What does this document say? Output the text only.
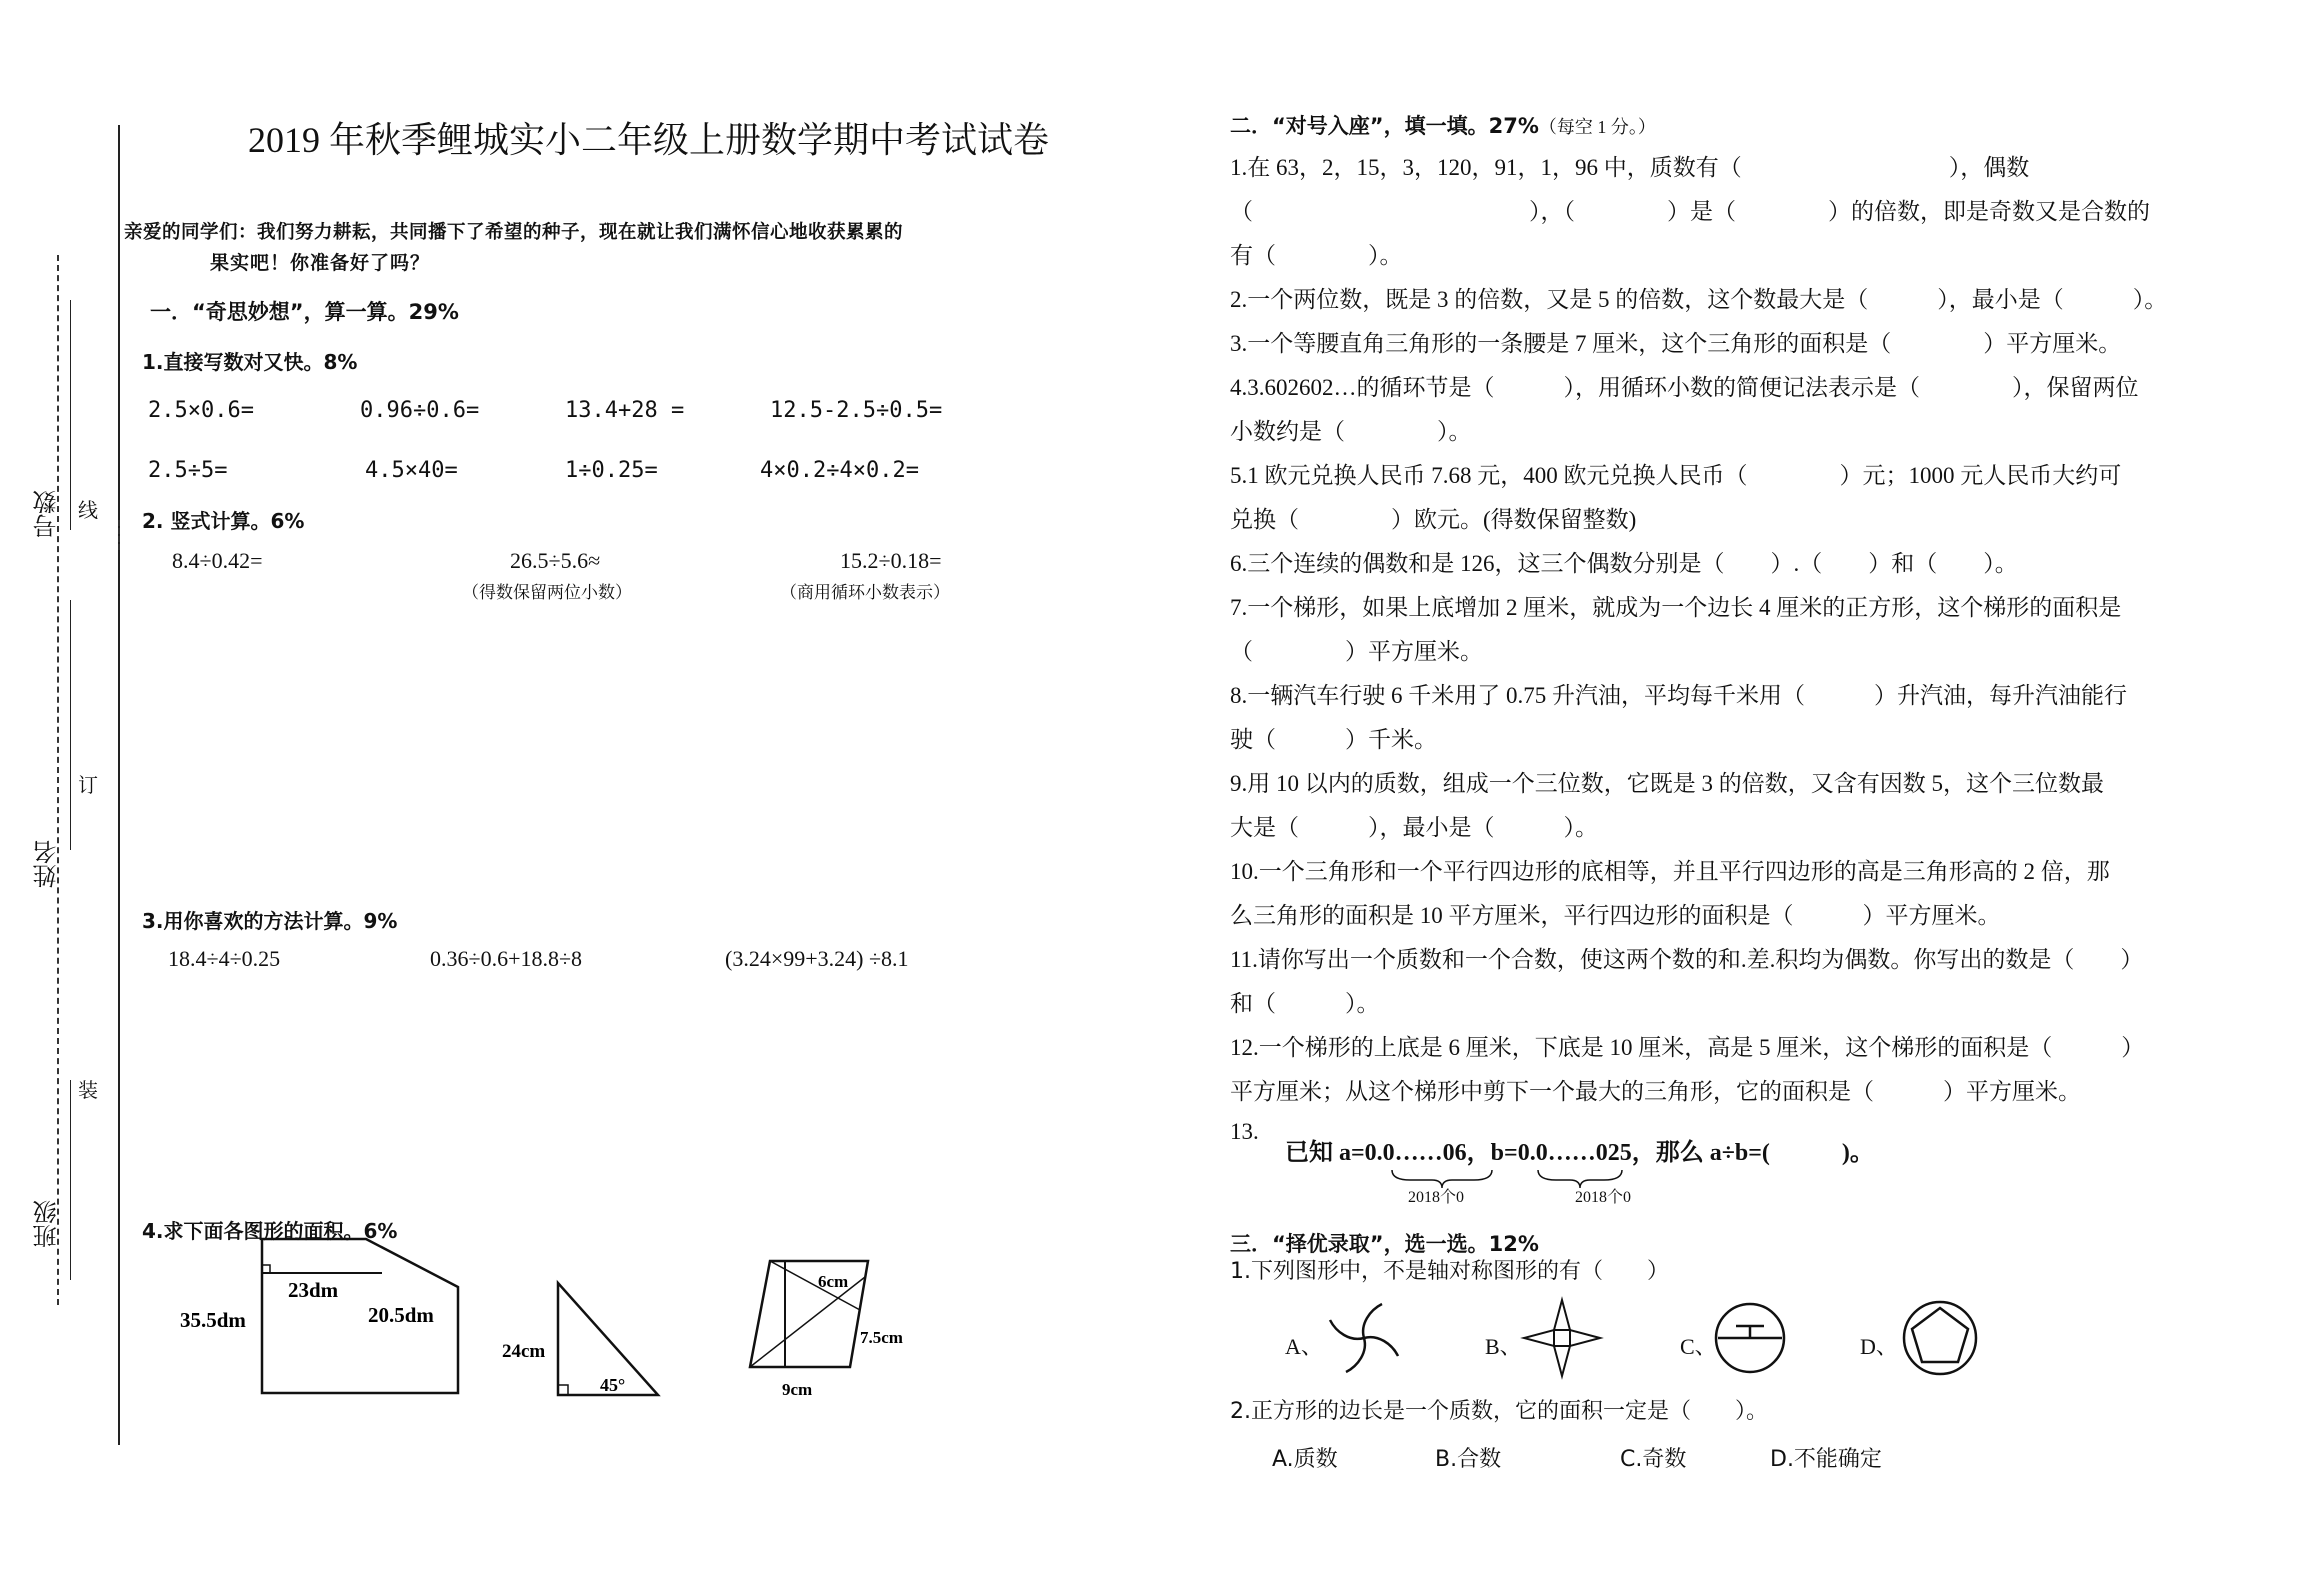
班级
姓名
号数 线
订
装
2019 年秋季鲤城实小二年级上册数学期中考试试卷
亲爱的同学们：我们努力耕耘，共同播下了希望的种子，现在就让我们满怀信心地收获累累的
果实吧！你准备好了吗？
一．“奇思妙想”，算一算。29%
1.直接写数对又快。8%
2.5×0.6=	0.96÷0.6=	13.4+28 =	12.5-2.5÷0.5=
2.5÷5=	4.5×40=	1÷0.25=	4×0.2÷4×0.2=
2. 竖式计算。6%
8.4÷0.42=	26.5÷5.6≈	15.2÷0.18=
（得数保留两位小数）	（商用循环小数表示）
3.用你喜欢的方法计算。9%
18.4÷4÷0.25	0.36÷0.6+18.8÷8	(3.24×99+3.24) ÷8.1
4.求下面各图形的面积。6%
23dm
35.5dm	20.5dm
24cm
45°
6cm
7.5cm
9cm
二．“对号入座”，填一填。27%（每空 1 分。）
1.在 63，2，15，3，120，91，1，96 中，质数有（　　　　　　　　　），偶数
（　　　　　　　　　　　　），（　　　　）是（　　　　）的倍数，即是奇数又是合数的
有（　　　　）。
2.一个两位数，既是 3 的倍数，又是 5 的倍数，这个数最大是（　　　），最小是（　　　）。
3.一个等腰直角三角形的一条腰是 7 厘米，这个三角形的面积是（　　　　）平方厘米。
4.3.602602…的循环节是（　　　），用循环小数的简便记法表示是（　　　　），保留两位
小数约是（　　　　）。
5.1 欧元兑换人民币 7.68 元，400 欧元兑换人民币（　　　　）元；1000 元人民币大约可
兑换（　　　　）欧元。(得数保留整数)
6.三个连续的偶数和是 126，这三个偶数分别是（　　）.（　　）和（　　）。
7.一个梯形，如果上底增加 2 厘米，就成为一个边长 4 厘米的正方形，这个梯形的面积是
（　　　　）平方厘米。
8.一辆汽车行驶 6 千米用了 0.75 升汽油，平均每千米用（　　　）升汽油，每升汽油能行
驶（　　　）千米。
9.用 10 以内的质数，组成一个三位数，它既是 3 的倍数，又含有因数 5，这个三位数最
大是（　　　），最小是（　　　）。
10.一个三角形和一个平行四边形的底相等，并且平行四边形的高是三角形高的 2 倍，那
么三角形的面积是 10 平方厘米，平行四边形的面积是（　　　）平方厘米。
11.请你写出一个质数和一个合数，使这两个数的和.差.积均为偶数。你写出的数是（　　）
和（　　　）。
12.一个梯形的上底是 6 厘米，下底是 10 厘米，高是 5 厘米，这个梯形的面积是（　　　）
平方厘米；从这个梯形中剪下一个最大的三角形，它的面积是（　　　）平方厘米。
13.
已知 a=0.0……06，b=0.0……025，那么 a÷b=(　　　)。
2018个0	2018个0
三．“择优录取”，选一选。12%
1.下列图形中，不是轴对称图形的有（　　）
A、	B、	C、	D、
2.正方形的边长是一个质数，它的面积一定是（　　）。
A.质数	B.合数	C.奇数	D.不能确定
